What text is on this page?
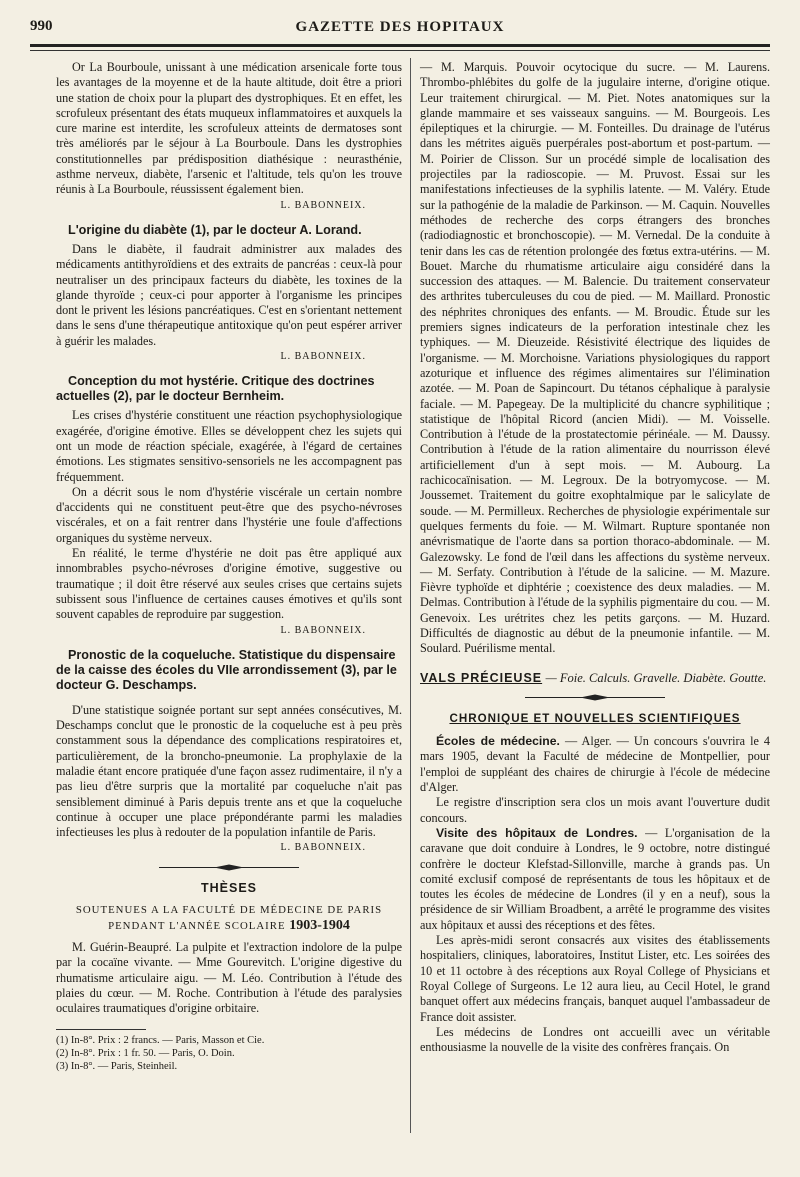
990	GAZETTE DES HOPITAUX

Or La Bourboule, unissant à une médication arsenicale forte tous les avantages de la moyenne et de la haute altitude, doit être a priori une station de choix pour la plupart des dystrophiques. Et en effet, les scrofuleux présentant des états muqueux inflammatoires et auxquels la cure marine est interdite, les scrofuleux atteints de dermatoses sont très améliorés par le séjour à La Bourboule. Dans les dystrophies constitutionnelles par prédisposition diathésique : neurasthénie, asthme nerveux, diabète, l'arsenic et l'altitude, tels qu'on les trouve réunis à La Bourboule, réussissent également bien.

L. BABONNEIX.
L'origine du diabète (1), par le docteur A. Lorand.

Dans le diabète, il faudrait administrer aux malades des médicaments antithyroïdiens et des extraits de pancréas : ceux-là pour neutraliser un des principaux facteurs du diabète, les toxines de la glande thyroïde ; ceux-ci pour apporter à l'organisme les principes dont le privent les lésions pancréatiques. C'est en s'orientant nettement dans le sens d'une thérapeutique antitoxique qu'on peut espérer arriver à guérir les malades.

L. BABONNEIX.
Conception du mot hystérie. Critique des doctrines actuelles (2), par le docteur Bernheim.

Les crises d'hystérie constituent une réaction psychophysiologique exagérée, d'origine émotive. Elles se développent chez les sujets qui ont un mode de réaction spéciale, exagérée, à l'égard de certaines émotions. Les stigmates sensitivo-sensoriels ne les accompagnent pas fréquemment.

On a décrit sous le nom d'hystérie viscérale un certain nombre d'accidents qui ne constituent peut-être que des psycho-névroses viscérales, et on a fait rentrer dans l'hystérie une foule d'affections organiques du système nerveux.

En réalité, le terme d'hystérie ne doit pas être appliqué aux innombrables psycho-névroses d'origine émotive, suggestive ou traumatique ; il doit être réservé aux seules crises que certains sujets subissent sous l'influence de certaines causes émotives et qu'ils sont souvent capables de reproduire par suggestion.

L. BABONNEIX.
Pronostic de la coqueluche. Statistique du dispensaire de la caisse des écoles du VIIe arrondissement (3), par le docteur G. Deschamps.

D'une statistique soignée portant sur sept années consécutives, M. Deschamps conclut que le pronostic de la coqueluche est à peu près constamment sous la dépendance des complications respiratoires et, particulièrement, de la broncho-pneumonie. La prophylaxie de la maladie étant encore pratiquée d'une façon assez rudimentaire, il n'y a pas lieu d'être surpris que la mortalité par coqueluche n'ait pas sensiblement diminué à Paris depuis trente ans et que la coqueluche continue à occuper une place prépondérante parmi les maladies infectieuses les plus à redouter de la population infantile de Paris.

L. BABONNEIX.
THÈSES
SOUTENUES A LA FACULTÉ DE MÉDECINE DE PARIS
PENDANT L'ANNÉE SCOLAIRE 1903-1904

M. Guérin-Beaupré. La pulpite et l'extraction indolore de la pulpe par la cocaïne vivante. — Mme Gourevitch. L'origine digestive du rhumatisme articulaire aigu. — M. Léo. Contribution à l'étude des plaies du cœur. — M. Roche. Contribution à l'étude des paralysies oculaires traumatiques d'origine orbitaire.

(1) In-8°. Prix : 2 francs. — Paris, Masson et Cie.
(2) In-8°. Prix : 1 fr. 50. — Paris, O. Doin.
(3) In-8°. — Paris, Steinheil.

— M. Marquis. Pouvoir ocytocique du sucre. — M. Laurens. Thrombo-phlébites du golfe de la jugulaire interne, d'origine otique. Leur traitement chirurgical. — M. Piet. Notes anatomiques sur la glande mammaire et ses vaisseaux sanguins. — M. Bourgeois. Les épileptiques et la chirurgie. — M. Fonteilles. Du drainage de l'utérus dans les métrites aiguës puerpérales post-abortum et post-partum. — M. Poirier de Clisson. Sur un procédé simple de localisation des projectiles par la radioscopie. — M. Pruvost. Essai sur les manifestations infectieuses de la syphilis latente. — M. Valéry. Etude sur la pathogénie de la maladie de Parkinson. — M. Caquin. Nouvelles méthodes de recherche des corps étrangers des bronches (radiodiagnostic et bronchoscopie). — M. Vernedal. De la conduite à tenir dans les cas de rétention prolongée des fœtus extra-utérins. — M. Bouet. Marche du rhumatisme articulaire aigu considéré dans la succession des attaques. — M. Balencie. Du traitement conservateur des arthrites tuberculeuses du cou de pied. — M. Maillard. Pronostic des néphrites chroniques des enfants. — M. Broudic. Étude sur les premiers signes indicateurs de la perforation intestinale chez les typhiques. — M. Dieuzeide. Résistivité électrique des liquides de l'organisme. — M. Morchoisne. Variations physiologiques du rapport azoturique et influence des régimes alimentaires sur l'élimination azotée. — M. Poan de Sapincourt. Du tétanos céphalique à paralysie faciale. — M. Papegeay. De la multiplicité du chancre syphilitique ; statistique de l'hôpital Ricord (ancien Midi). — M. Voisselle. Contribution à l'étude de la prostatectomie périnéale. — M. Daussy. Contribution à l'étude de la ration alimentaire du nourrisson élevé artificiellement d'un à sept mois. — M. Aubourg. La rachicocaïnisation. — M. Legroux. De la botryomycose. — M. Joussemet. Traitement du goitre exophtalmique par le salicylate de soude. — M. Permilleux. Recherches de physiologie expérimentale sur quelques ferments du foie. — M. Wilmart. Rupture spontanée non anévrismatique de l'aorte dans sa portion thoraco-abdominale. — M. Galezowsky. Le fond de l'œil dans les affections du système nerveux. — M. Serfaty. Contribution à l'étude de la salicine. — M. Mazure. Fièvre typhoïde et diphtérie ; coexistence des deux maladies. — M. Delmas. Contribution à l'étude de la syphilis pigmentaire du cou. — M. Genevoix. Les urétrites chez les petits garçons. — M. Huzard. Difficultés de diagnostic au début de la pneumonie infantile. — M. Soulard. Puérilisme mental.

VALS PRÉCIEUSE — Foie. Calculs. Gravelle. Diabète. Goutte.

CHRONIQUE ET NOUVELLES SCIENTIFIQUES

Écoles de médecine. — Alger. — Un concours s'ouvrira le 4 mars 1905, devant la Faculté de médecine de Montpellier, pour l'emploi de suppléant des chaires de chirurgie à l'école de médecine d'Alger.

Le registre d'inscription sera clos un mois avant l'ouverture dudit concours.

Visite des hôpitaux de Londres. — L'organisation de la caravane que doit conduire à Londres, le 9 octobre, notre distingué confrère le docteur Klefstad-Sillonville, marche à grands pas. Un comité exclusif composé de représentants de tous les hôpitaux et de toutes les écoles de médecine de Londres (il y en a neuf), sous la présidence de sir William Broadbent, a arrêté le programme des visites aux hôpitaux et aussi des réceptions et des fêtes.

Les après-midi seront consacrés aux visites des établissements hospitaliers, cliniques, laboratoires, Institut Lister, etc. Les soirées des 10 et 11 octobre à des réceptions aux Royal College of Physicians et Royal College of Surgeons. Le 12 aura lieu, au Cecil Hotel, le grand banquet offert aux médecins français, banquet auquel l'ambassadeur de France doit assister.

Les médecins de Londres ont accueilli avec un véritable enthousiasme la nouvelle de la visite des confrères français. On
